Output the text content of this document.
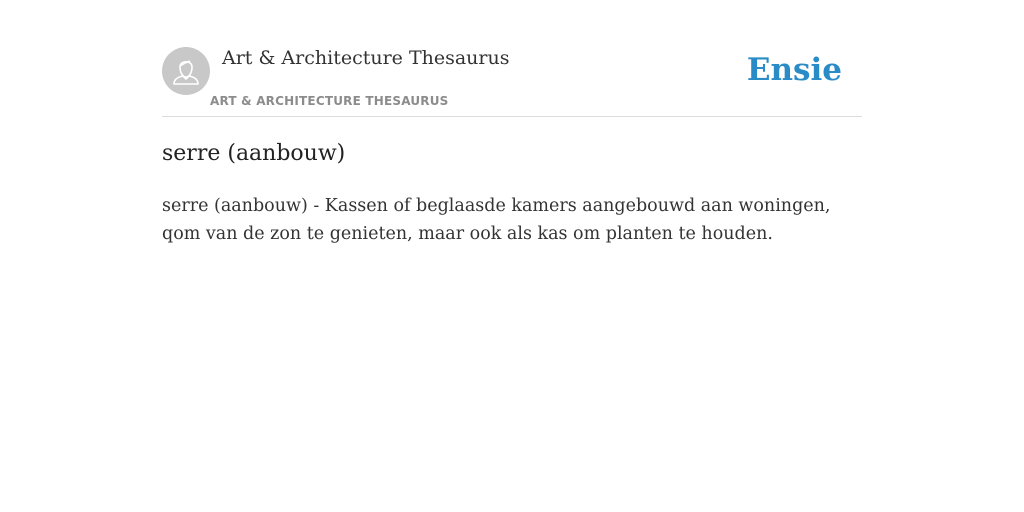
Art & Architecture Thesaurus
ART & ARCHITECTURE THESAURUS
Ensie
serre (aanbouw)

serre (aanbouw) - Kassen of beglaasde kamers aangebouwd aan woningen, qom van de zon te genieten, maar ook als kas om planten te houden.
